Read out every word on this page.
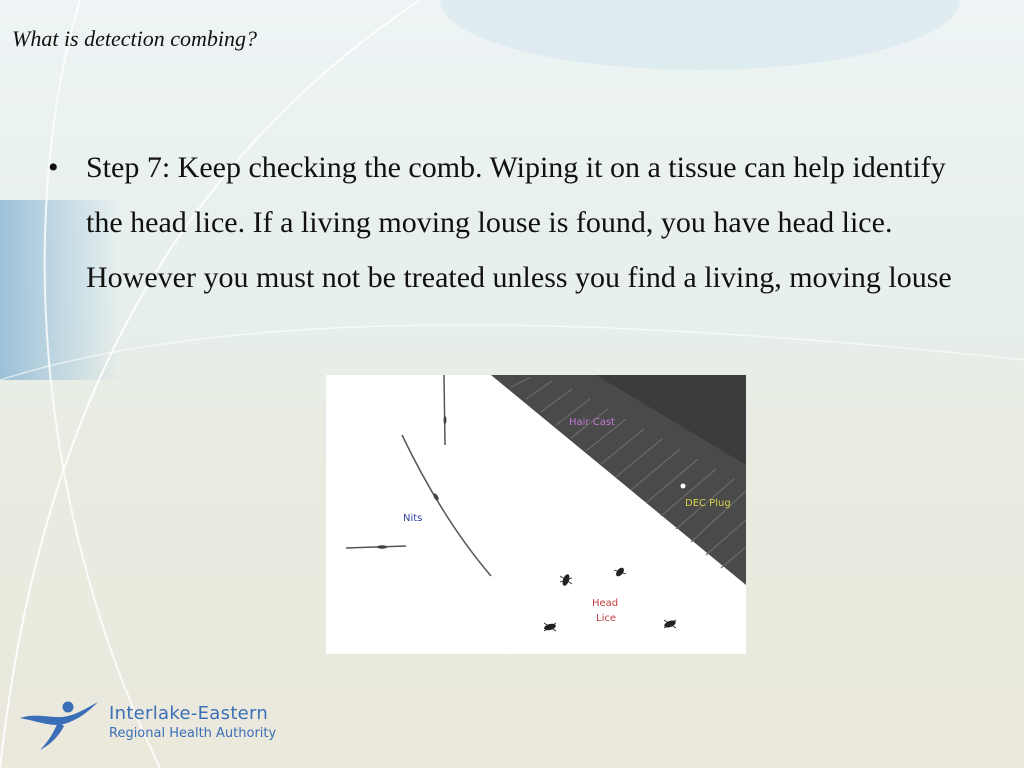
What is detection combing?
• Step 7: Keep checking the comb. Wiping it on a tissue can help identify the head lice. If a living moving louse is found, you have head lice. However you must not be treated unless you find a living, moving louse
Hair Cast
DEC Plug
Nits
Head
Lice
Interlake-Eastern
Regional Health Authority
